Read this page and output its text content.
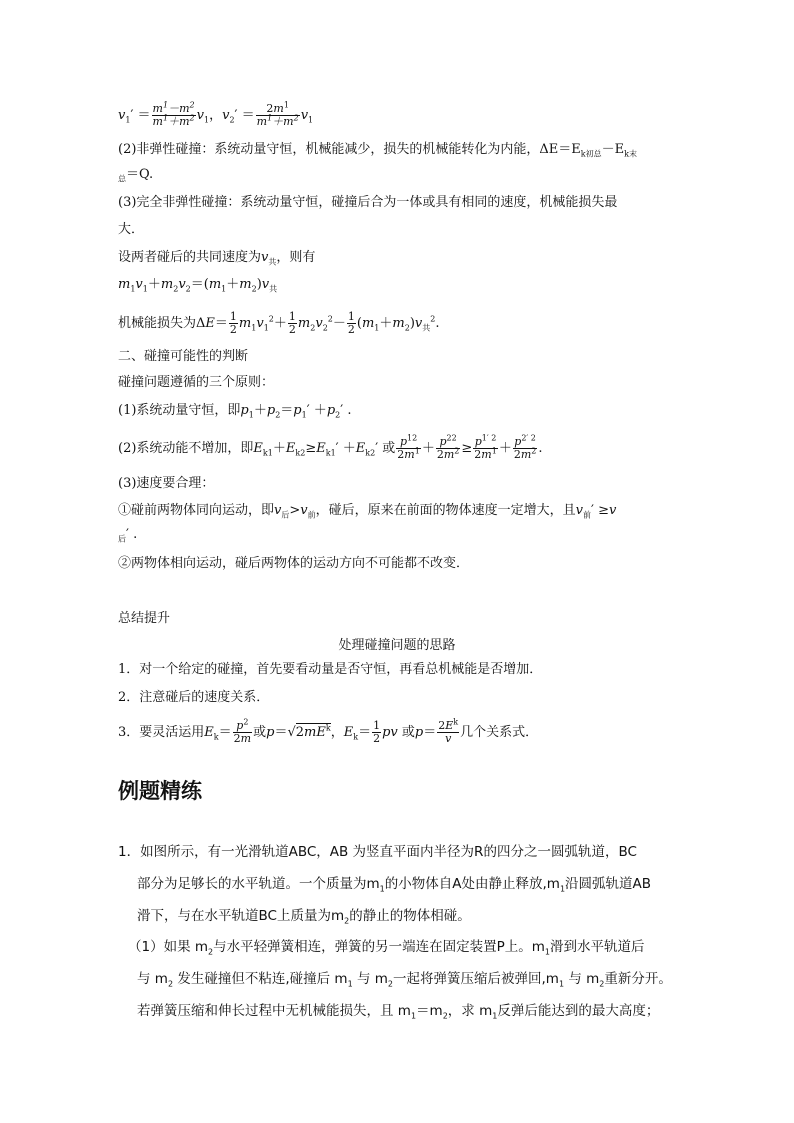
$v_1' = \frac{m^1-m^2}{m^1+m^2} v_1$，$v_2' = \frac{2m^1}{m^1+m^2} v_1$
(2)非弹性碰撞：系统动量守恒，机械能减少，损失的机械能转化为内能，$\Delta E=E_{k初总}-E_{k末}$
$_总$＝Q.
(3)完全非弹性碰撞：系统动量守恒，碰撞后合为一体或具有相同的速度，机械能损失最
大．
设两者碰后的共同速度为$v_共$，则有
$m_1v_1+m_2v_2=(m_1+m_2)v_共$
机械能损失为$\Delta E= \frac{1}{2} m_1v_1^2+ \frac{1}{2} m_2v_2^2- \frac{1}{2} (m_1+m_2)v_共^2$.
二、碰撞可能性的判断
碰撞问题遵循的三个原则：
(1)系统动量守恒，即$p_1+p_2=p_1' +p_2'$ .
(2)系统动能不增加，即$E_{k1}+E_{k2}\ge E_{k1}' +E_{k2}'$ 或 $\frac{p^{12}}{2m^1} + \frac{p^{22}}{2m^2} \ge \frac{p^{1' 2}}{2m^1} + \frac{p^{2' 2}}{2m^2}$ .
(3)速度要合理：
①碰前两物体同向运动，即$v_后>v_前$，碰后，原来在前面的物体速度一定增大，且$v_前' \ge v$
$_后$′ .
②两物体相向运动，碰后两物体的运动方向不可能都不改变．
总结提升
处理碰撞问题的思路
1．对一个给定的碰撞，首先要看动量是否守恒，再看总机械能是否增加．
2．注意碰后的速度关系．
3．要灵活运用$E_k= \frac{p^2}{2m}$ 或$p=√2mE^k$，$E_k= \frac{1}{2}$ pv 或$p= \frac{2E^k}{v}$ 几个关系式．
例题精练
1．如图所示，有一光滑轨道ABC，AB 为竖直平面内半径为R的四分之一圆弧轨道，BC
部分为足够长的水平轨道。一个质量为$m_1$的小物体自A处由静止释放$,m_1$沿圆弧轨道AB
滑下，与在水平轨道BC上质量为$m_2$的静止的物体相碰。
（1）如果 $m_2$与水平轻弹簧相连，弹簧的另一端连在固定装置P上。$m_1$滑到水平轨道后
与 $m_2$ 发生碰撞但不粘连,碰撞后 $m_1$ 与 $m_2$一起将弹簧压缩后被弹回$,m_1$ 与 $m_2$重新分开。
若弹簧压缩和伸长过程中无机械能损失，且 $m_1=m_2$，求 $m_1$反弹后能达到的最大高度；
